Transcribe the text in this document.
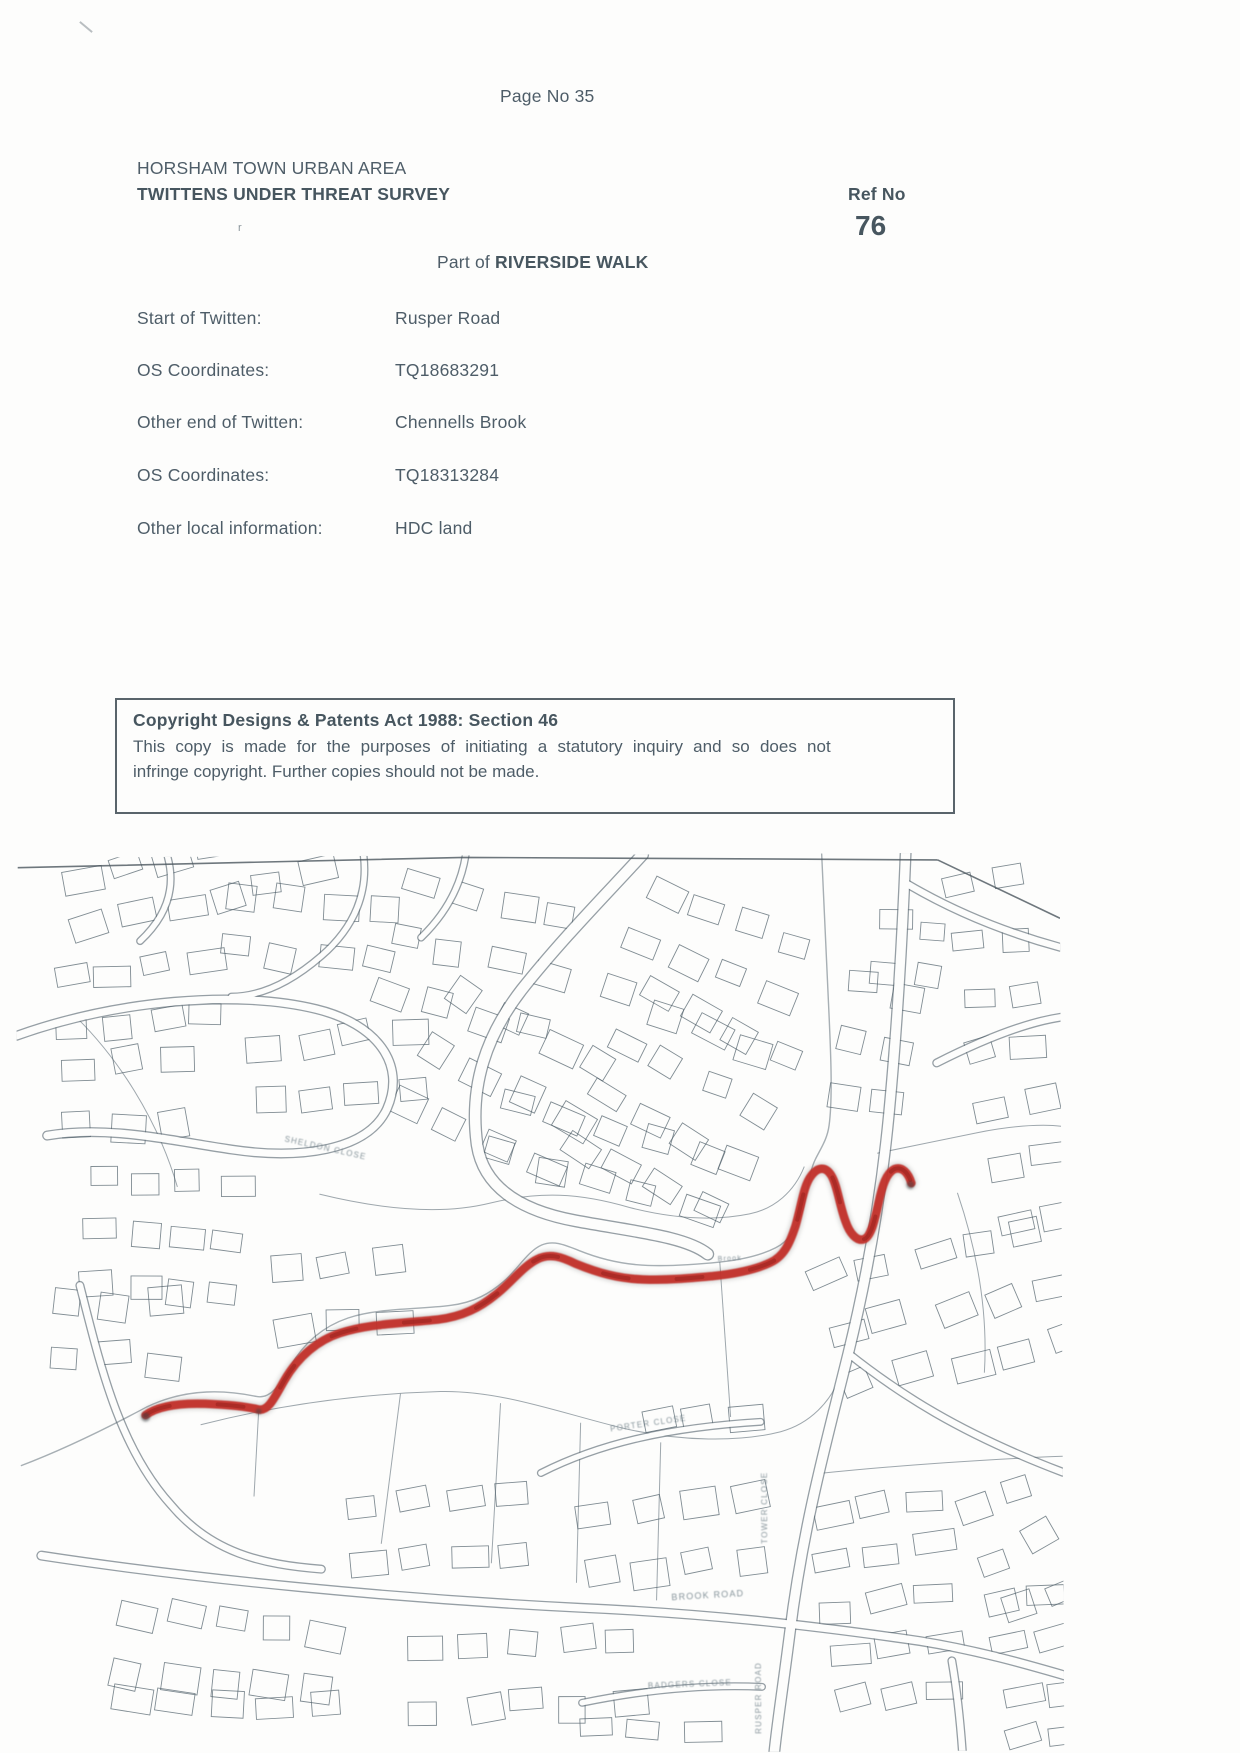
Page No 35
HORSHAM TOWN URBAN AREA
TWITTENS UNDER THREAT SURVEY	Ref No
76
r
Part of RIVERSIDE WALK
Start of Twitten:	Rusper Road
OS Coordinates:	TQ18683291
Other end of Twitten:	Chennells Brook
OS Coordinates:	TQ18313284
Other local information:	HDC land
Copyright Designs & Patents Act 1988: Section 46
This copy is made for the purposes of initiating a statutory inquiry and so does not
infringe copyright. Further copies should not be made.
BROOK ROAD
BADGERS CLOSE	RUSPER ROAD
TOWER CLOSE
PORTER CLOSE
SHELDON CLOSE
Brook
